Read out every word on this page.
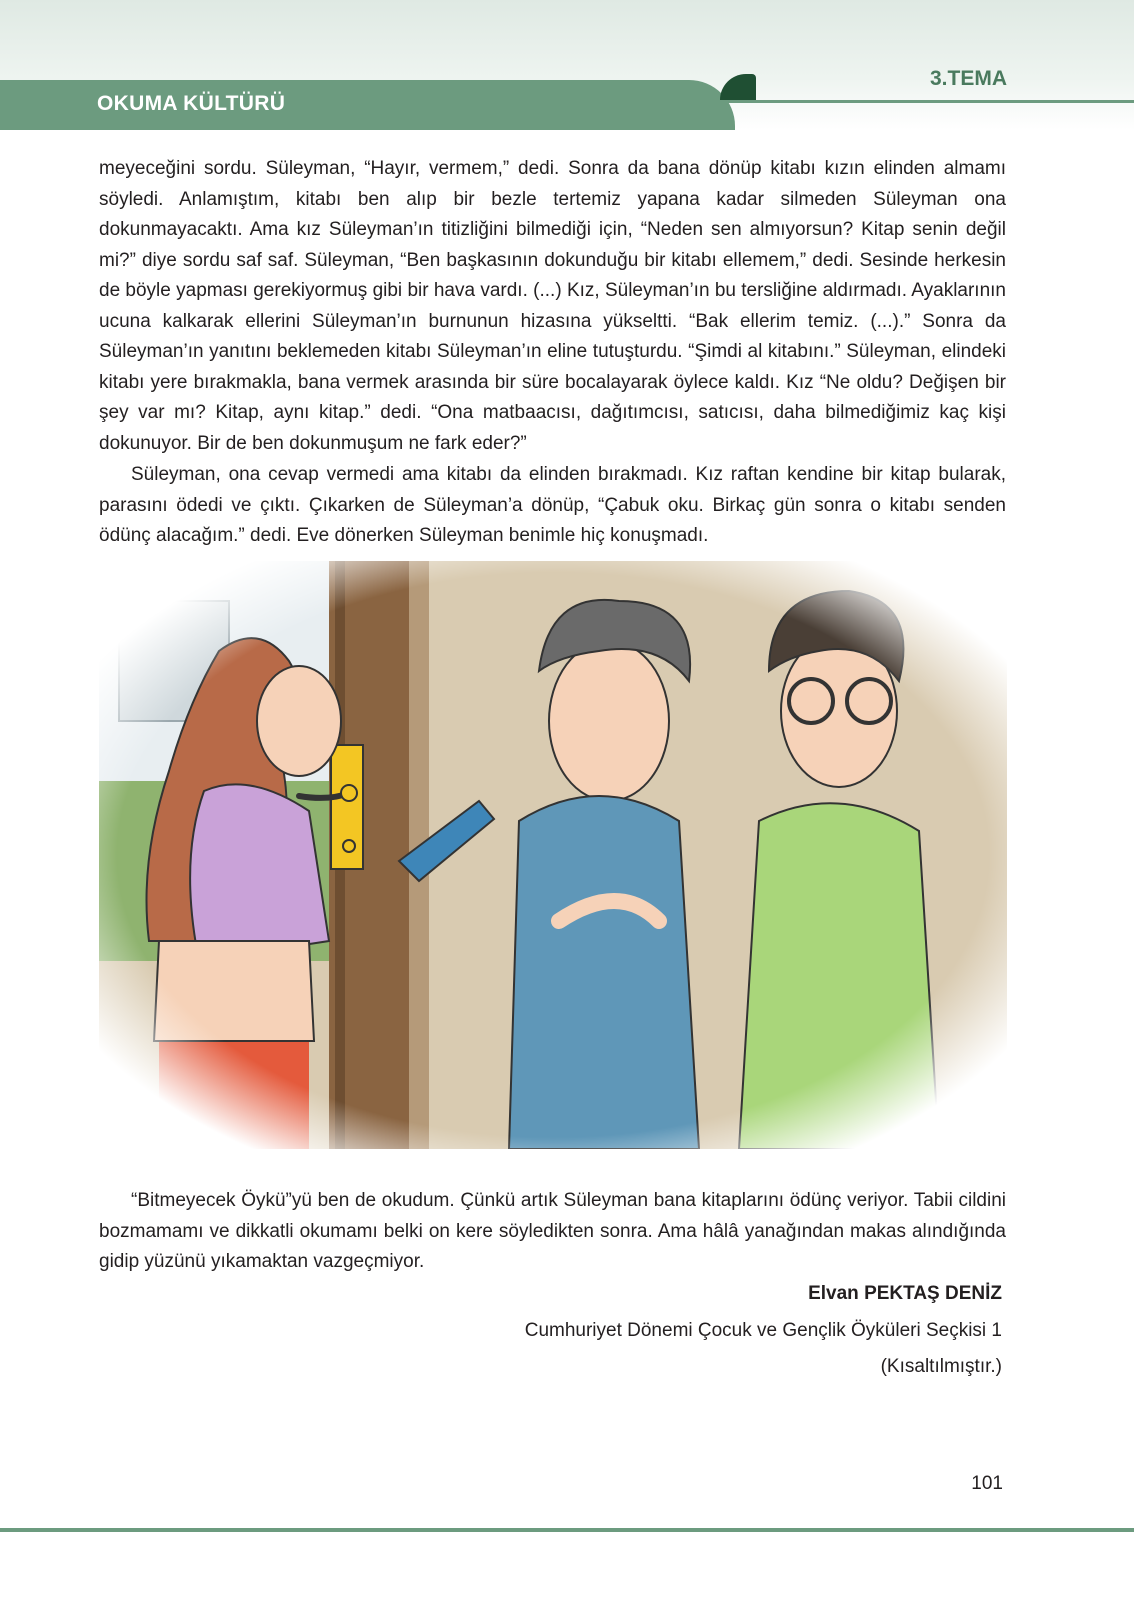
OKUMA KÜLTÜRÜ
3.TEMA

meyeceğini sordu. Süleyman, “Hayır, vermem,” dedi. Sonra da bana dönüp kitabı kızın elinden almamı söyledi. Anlamıştım, kitabı ben alıp bir bezle tertemiz yapana kadar silmeden Süleyman ona dokunmayacaktı. Ama kız Süleyman’ın titizliğini bilmediği için, “Neden sen almıyorsun? Kitap senin değil mi?” diye sordu saf saf. Süleyman, “Ben başkasının dokunduğu bir kitabı ellemem,” dedi. Sesinde herkesin de böyle yapması gerekiyormuş gibi bir hava vardı. (...) Kız, Süleyman’ın bu tersliğine aldırmadı. Ayaklarının ucuna kalkarak ellerini Süleyman’ın burnunun hizasına yükseltti. “Bak ellerim temiz. (...).” Sonra da Süleyman’ın yanıtını beklemeden kitabı Süleyman’ın eline tutuşturdu. “Şimdi al kitabını.” Süleyman, elindeki kitabı yere bırakmakla, bana vermek arasında bir süre bocalayarak öylece kaldı. Kız “Ne oldu? Değişen bir şey var mı? Kitap, aynı kitap.” dedi. “Ona matbaacısı, dağıtımcısı, satıcısı, daha bilmediğimiz kaç kişi dokunuyor. Bir de ben dokunmuşum ne fark eder?”

Süleyman, ona cevap vermedi ama kitabı da elinden bırakmadı. Kız raftan kendine bir kitap bularak, parasını ödedi ve çıktı. Çıkarken de Süleyman’a dönüp, “Çabuk oku. Birkaç gün sonra o kitabı senden ödünç alacağım.” dedi. Eve dönerken Süleyman benimle hiç konuşmadı.

“Bitmeyecek Öykü”yü ben de okudum. Çünkü artık Süleyman bana kitaplarını ödünç veriyor. Tabii cildini bozmamamı ve dikkatli okumamı belki on kere söyledikten sonra. Ama hâlâ yanağından makas alındığında gidip yüzünü yıkamaktan vazgeçmiyor.

Elvan PEKTAŞ DENİZ
Cumhuriyet Dönemi Çocuk ve Gençlik Öyküleri Seçkisi 1
(Kısaltılmıştır.)
101
